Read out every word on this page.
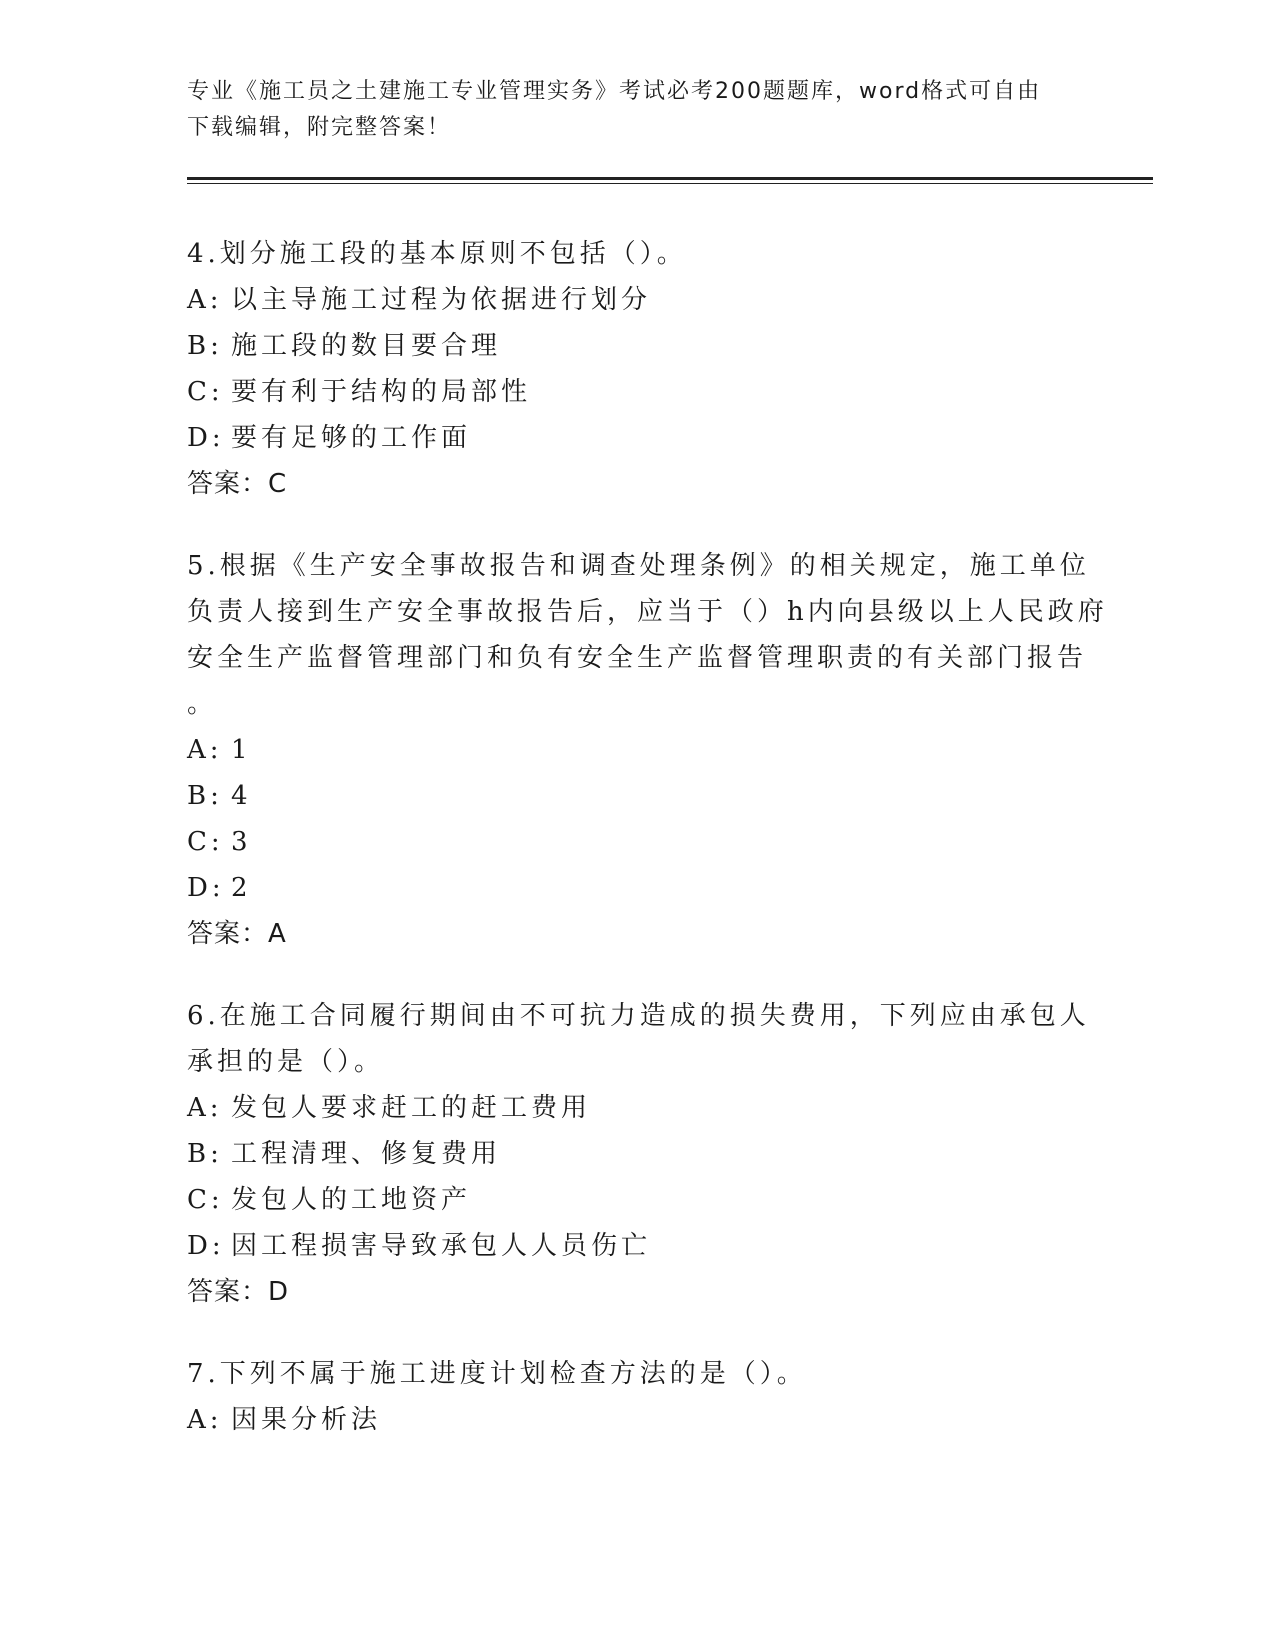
专业《施工员之土建施工专业管理实务》考试必考200题题库，word格式可自由
下载编辑，附完整答案！
4.划分施工段的基本原则不包括（）。
A: 以主导施工过程为依据进行划分
B: 施工段的数目要合理
C: 要有利于结构的局部性
D: 要有足够的工作面
答案：C
5.根据《生产安全事故报告和调查处理条例》的相关规定，施工单位
负责人接到生产安全事故报告后，应当于（）h内向县级以上人民政府
安全生产监督管理部门和负有安全生产监督管理职责的有关部门报告
。
A: 1
B: 4
C: 3
D: 2
答案：A
6.在施工合同履行期间由不可抗力造成的损失费用，下列应由承包人
承担的是（）。
A: 发包人要求赶工的赶工费用
B: 工程清理、修复费用
C: 发包人的工地资产
D: 因工程损害导致承包人人员伤亡
答案：D
7.下列不属于施工进度计划检查方法的是（）。
A: 因果分析法
